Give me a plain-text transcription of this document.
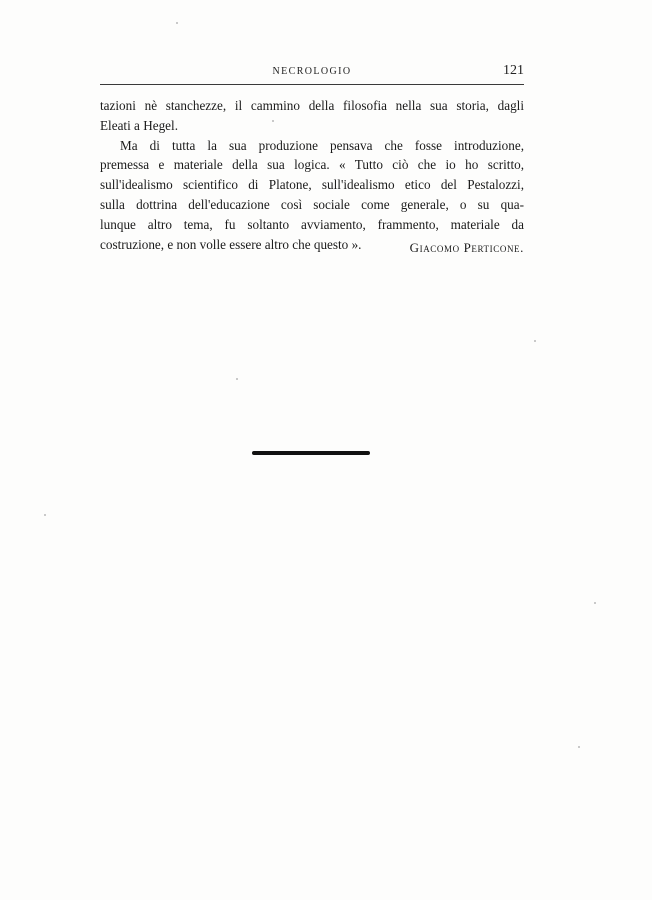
NECROLOGIO	121
tazioni nè stanchezze, il cammino della filosofia nella sua storia, dagli
Eleati a Hegel.
Ma di tutta la sua produzione pensava che fosse introduzione,
premessa e materiale della sua logica. « Tutto ciò che io ho scritto,
sull'idealismo scientifico di Platone, sull'idealismo etico del Pestalozzi,
sulla dottrina dell'educazione così sociale come generale, o su qua-
lunque altro tema, fu soltanto avviamento, frammento, materiale da
costruzione, e non volle essere altro che questo ».	Giacomo Perticone.
